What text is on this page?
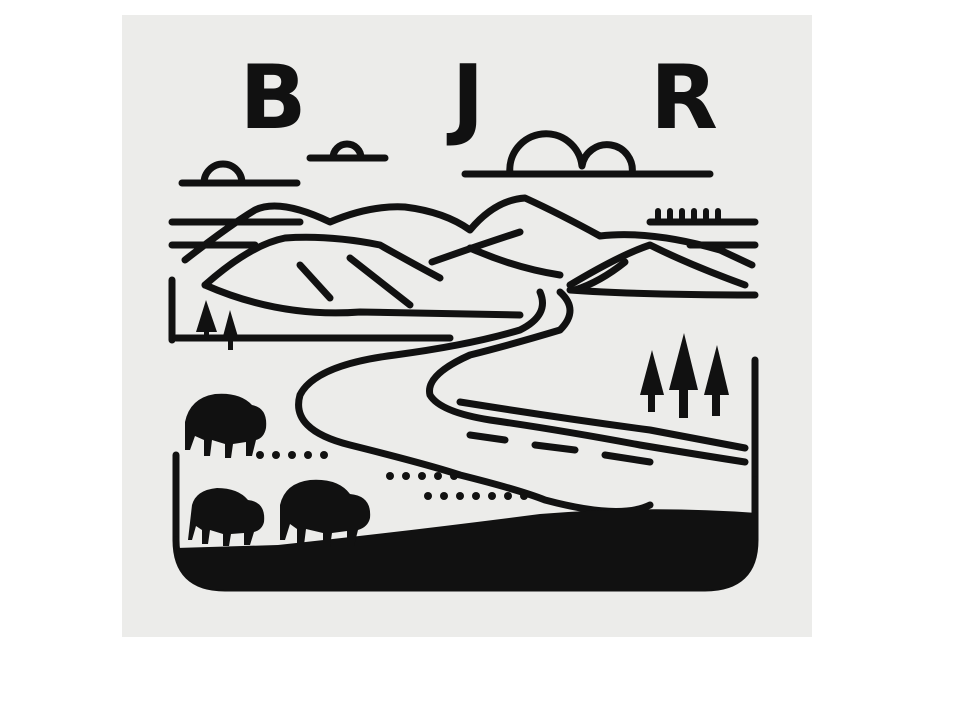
B J R
